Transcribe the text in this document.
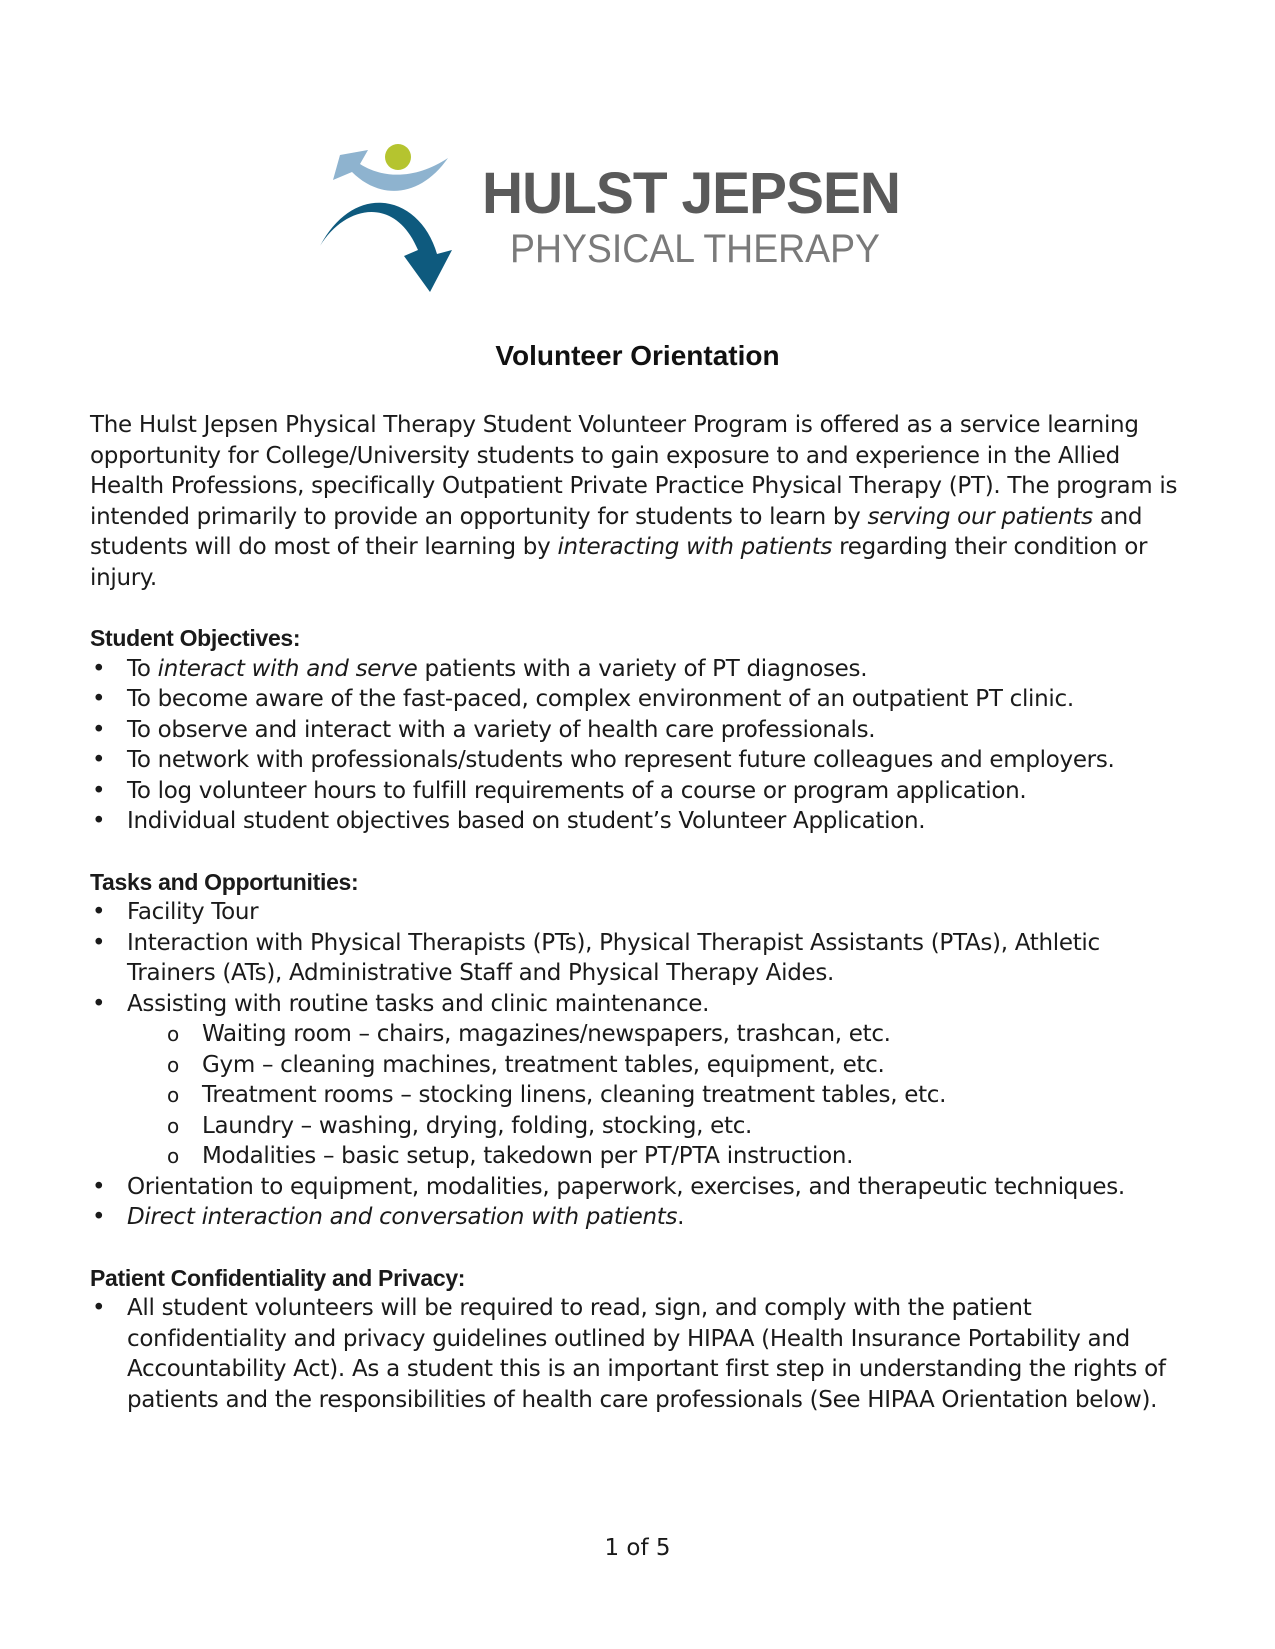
HULST JEPSEN
PHYSICAL THERAPY
Volunteer Orientation

The Hulst Jepsen Physical Therapy Student Volunteer Program is offered as a service learning opportunity for College/University students to gain exposure to and experience in the Allied Health Professions, specifically Outpatient Private Practice Physical Therapy (PT). The program is intended primarily to provide an opportunity for students to learn by serving our patients and students will do most of their learning by interacting with patients regarding their condition or injury.

Student Objectives:
• To interact with and serve patients with a variety of PT diagnoses.
• To become aware of the fast-paced, complex environment of an outpatient PT clinic.
• To observe and interact with a variety of health care professionals.
• To network with professionals/students who represent future colleagues and employers.
• To log volunteer hours to fulfill requirements of a course or program application.
• Individual student objectives based on student’s Volunteer Application.
Tasks and Opportunities:
• Facility Tour
• Interaction with Physical Therapists (PTs), Physical Therapist Assistants (PTAs), Athletic Trainers (ATs), Administrative Staff and Physical Therapy Aides.
• Assisting with routine tasks and clinic maintenance.
o Waiting room – chairs, magazines/newspapers, trashcan, etc.
o Gym – cleaning machines, treatment tables, equipment, etc.
o Treatment rooms – stocking linens, cleaning treatment tables, etc.
o Laundry – washing, drying, folding, stocking, etc.
o Modalities – basic setup, takedown per PT/PTA instruction.
• Orientation to equipment, modalities, paperwork, exercises, and therapeutic techniques.
• Direct interaction and conversation with patients.
Patient Confidentiality and Privacy:
• All student volunteers will be required to read, sign, and comply with the patient confidentiality and privacy guidelines outlined by HIPAA (Health Insurance Portability and Accountability Act). As a student this is an important first step in understanding the rights of patients and the responsibilities of health care professionals (See HIPAA Orientation below).
1 of 5
